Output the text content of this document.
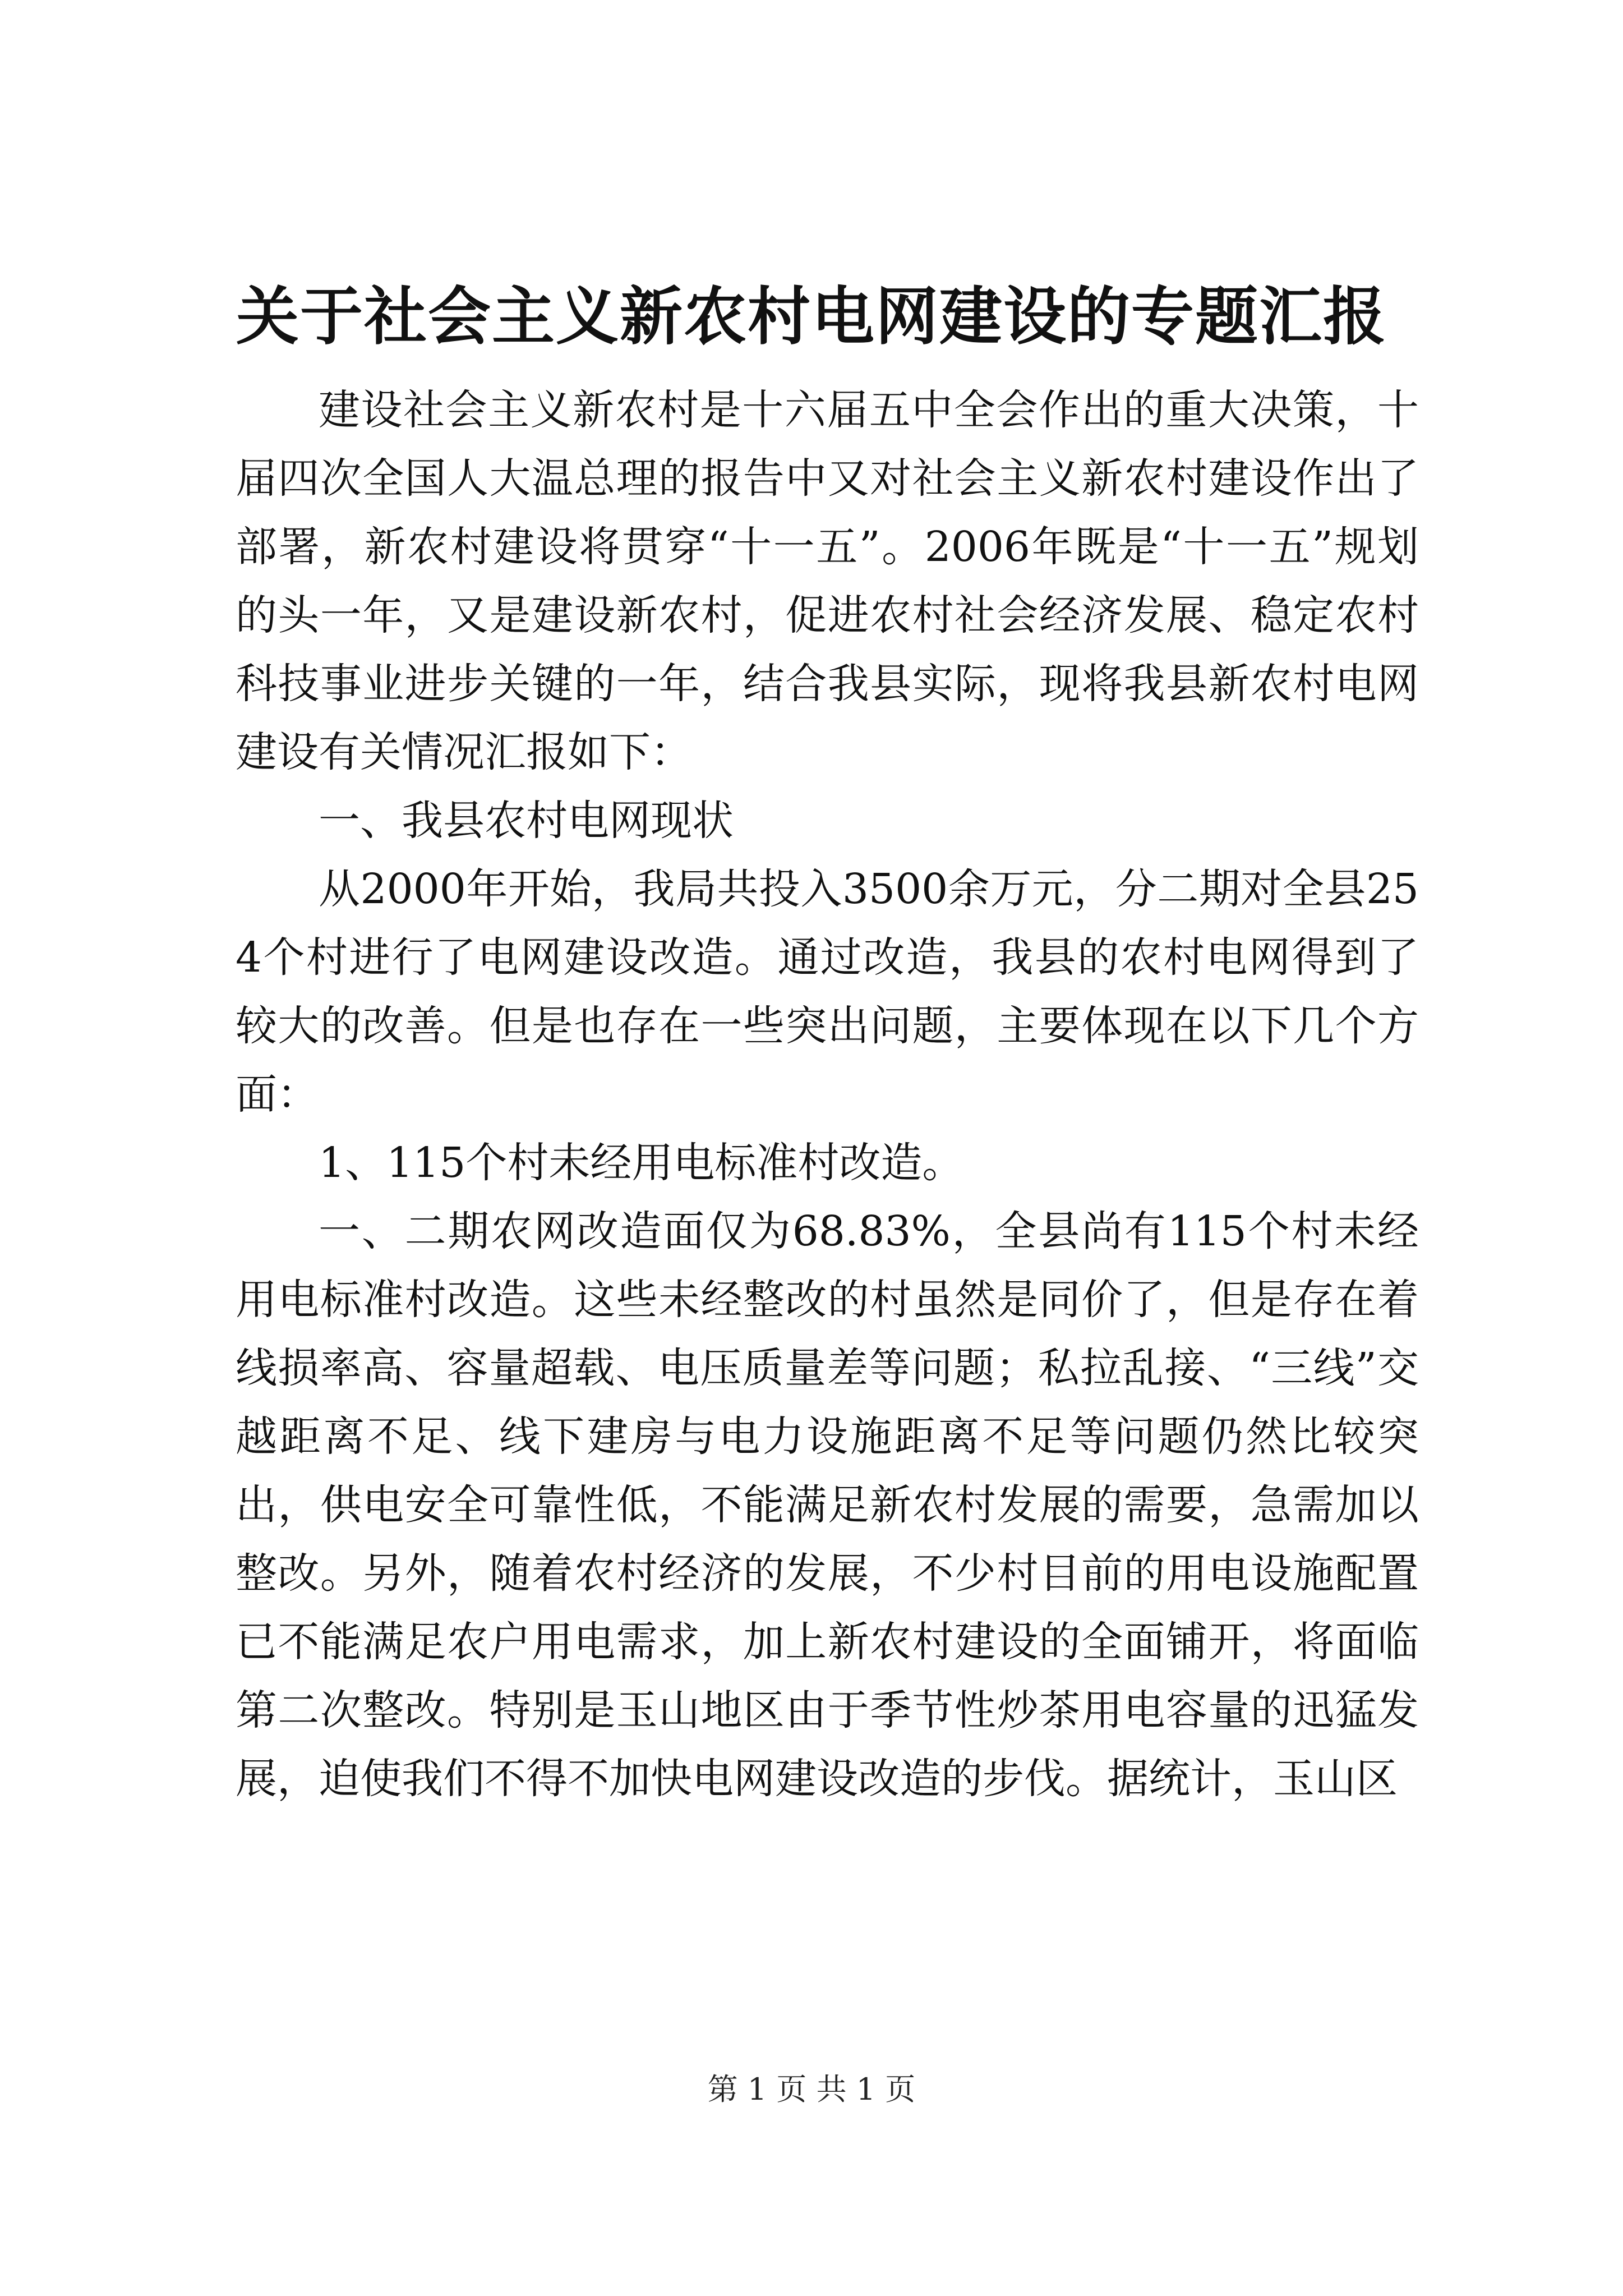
关于社会主义新农村电网建设的专题汇报

建设社会主义新农村是十六届五中全会作出的重大决策，十届四次全国人大温总理的报告中又对社会主义新农村建设作出了部署，新农村建设将贯穿“十一五”。2006年既是“十一五”规划的头一年，又是建设新农村，促进农村社会经济发展、稳定农村科技事业进步关键的一年，结合我县实际，现将我县新农村电网建设有关情况汇报如下：

一、我县农村电网现状

从2000年开始，我局共投入3500余万元，分二期对全县254个村进行了电网建设改造。通过改造，我县的农村电网得到了较大的改善。但是也存在一些突出问题，主要体现在以下几个方面：

1、115个村未经用电标准村改造。

一、二期农网改造面仅为68.83%，全县尚有115个村未经用电标准村改造。这些未经整改的村虽然是同价了，但是存在着线损率高、容量超载、电压质量差等问题；私拉乱接、“三线”交越距离不足、线下建房与电力设施距离不足等问题仍然比较突出，供电安全可靠性低，不能满足新农村发展的需要，急需加以整改。另外，随着农村经济的发展，不少村目前的用电设施配置已不能满足农户用电需求，加上新农村建设的全面铺开，将面临第二次整改。特别是玉山地区由于季节性炒茶用电容量的迅猛发展，迫使我们不得不加快电网建设改造的步伐。据统计，玉山区

第 1 页 共 1 页
